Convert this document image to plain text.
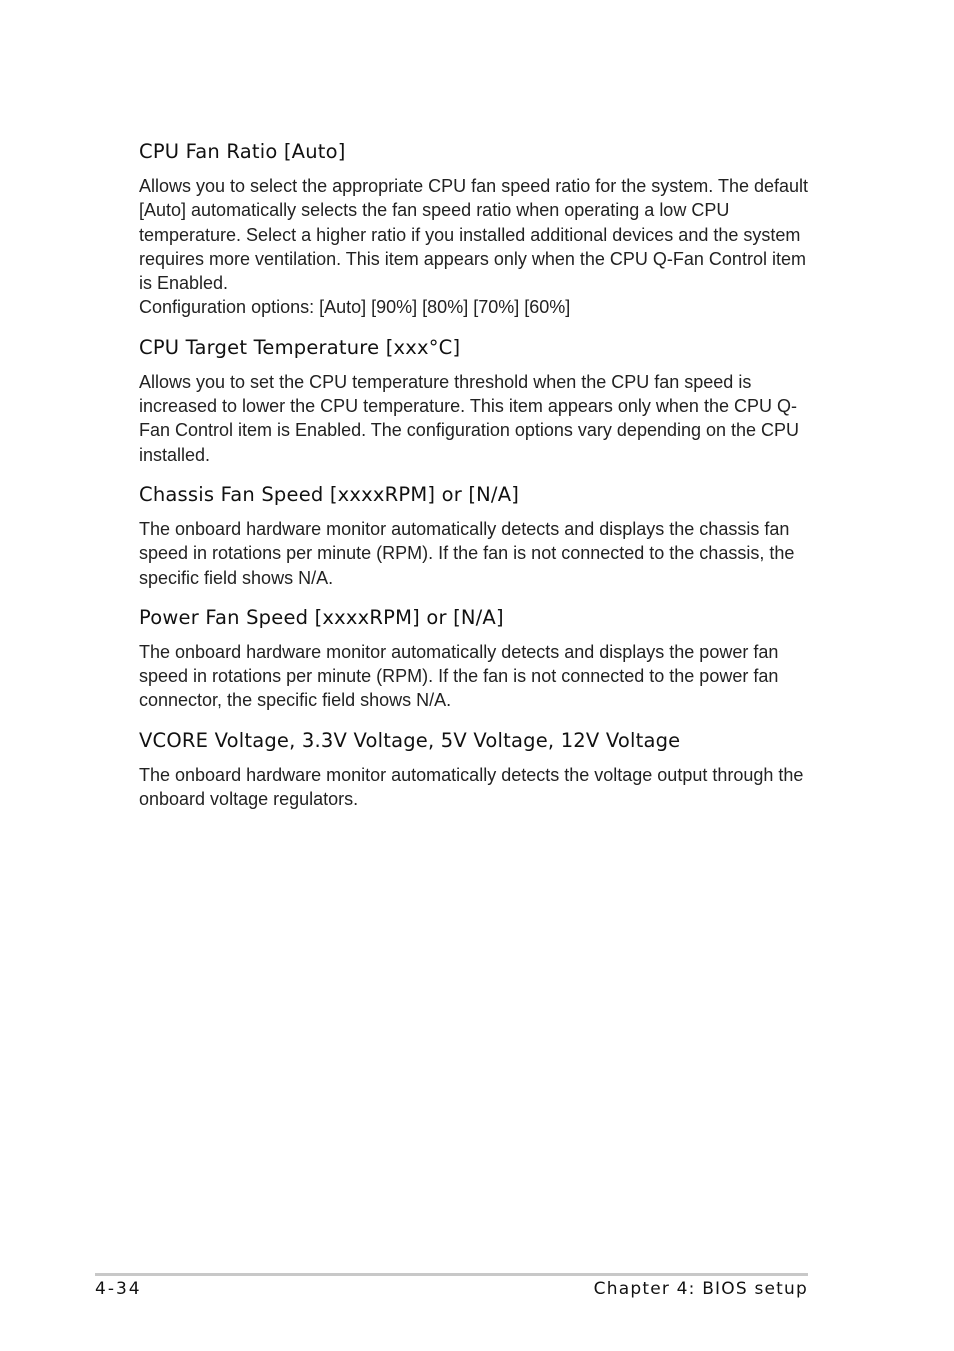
CPU Fan Ratio [Auto]

Allows you to select the appropriate CPU fan speed ratio for the system. The default [Auto] automatically selects the fan speed ratio when operating a low CPU temperature. Select a higher ratio if you installed additional devices and the system requires more ventilation. This item appears only when the CPU Q-Fan Control item is Enabled.

Configuration options: [Auto] [90%] [80%] [70%] [60%]

CPU Target Temperature [xxx°C]

Allows you to set the CPU temperature threshold when the CPU fan speed is increased to lower the CPU temperature. This item appears only when the CPU Q-Fan Control item is Enabled. The configuration options vary depending on the CPU installed.

Chassis Fan Speed [xxxxRPM] or [N/A]

The onboard hardware monitor automatically detects and displays the chassis fan speed in rotations per minute (RPM). If the fan is not connected to the chassis, the specific field shows N/A.

Power Fan Speed [xxxxRPM] or [N/A]

The onboard hardware monitor automatically detects and displays the power fan speed in rotations per minute (RPM). If the fan is not connected to the power fan connector, the specific field shows N/A.

VCORE Voltage, 3.3V Voltage, 5V Voltage, 12V Voltage

The onboard hardware monitor automatically detects the voltage output through the onboard voltage regulators.

4-34	Chapter 4: BIOS setup
